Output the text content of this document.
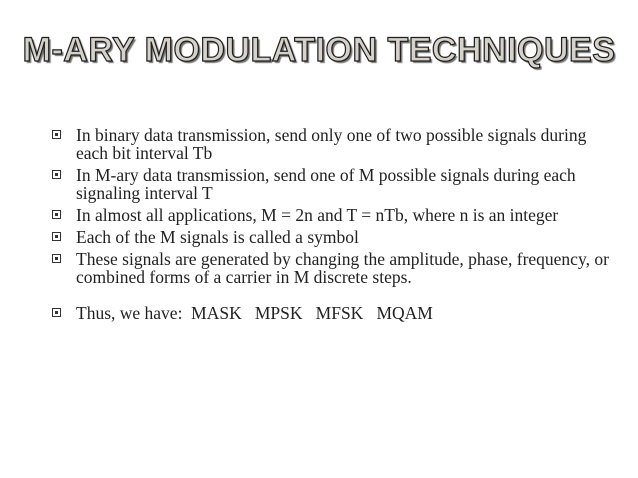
M-ARY MODULATION TECHNIQUES
In binary data transmission, send only one of two possible signals during each bit interval Tb
In M-ary data transmission, send one of M possible signals during each signaling interval T
In almost all applications, M = 2n and T = nTb, where n is an integer
Each of the M signals is called a symbol
These signals are generated by changing the amplitude, phase, frequency, or combined forms of a carrier in M discrete steps.
Thus, we have:  MASK   MPSK   MFSK   MQAM
